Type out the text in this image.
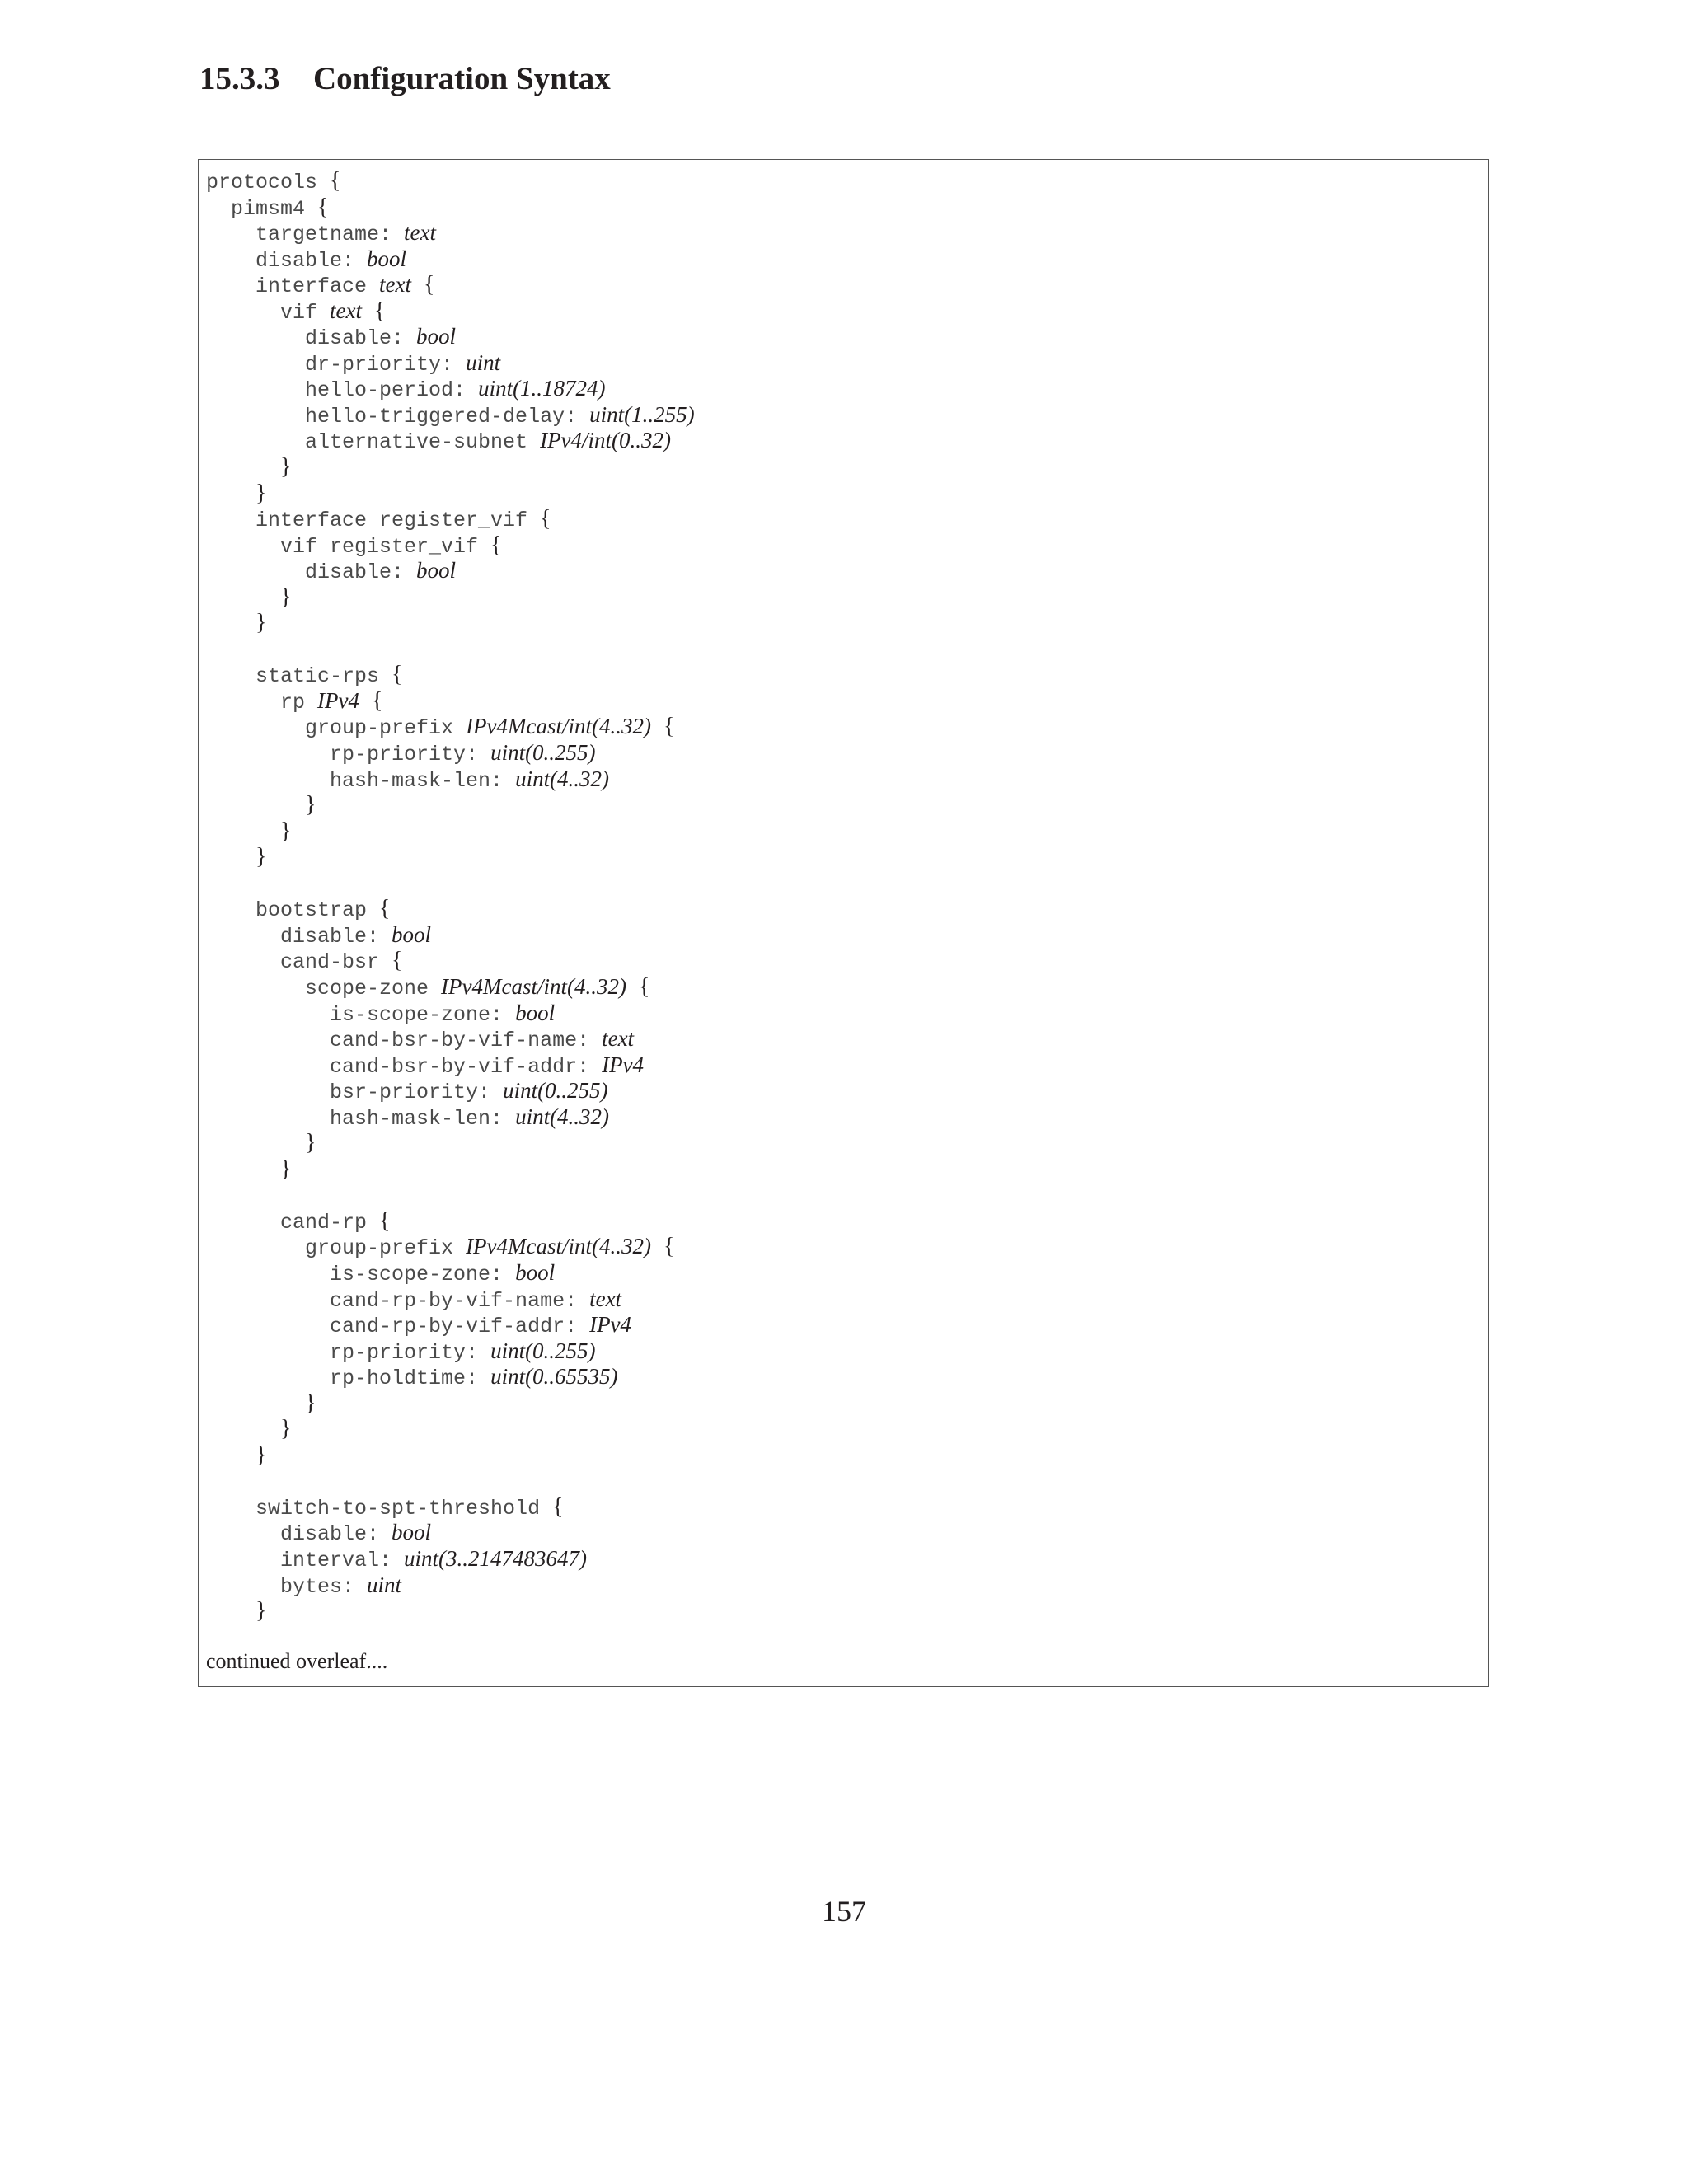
15.3.3 Configuration Syntax
protocols {
pimsm4 {
targetname: text
disable: bool
interface text {
vif text {
disable: bool
dr-priority: uint
hello-period: uint(1..18724)
hello-triggered-delay: uint(1..255)
alternative-subnet IPv4/int(0..32)
}
}
interface register_vif {
vif register_vif {
disable: bool
}
}
static-rps {
rp IPv4 {
group-prefix IPv4Mcast/int(4..32) {
rp-priority: uint(0..255)
hash-mask-len: uint(4..32)
}
}
}
bootstrap {
disable: bool
cand-bsr {
scope-zone IPv4Mcast/int(4..32) {
is-scope-zone: bool
cand-bsr-by-vif-name: text
cand-bsr-by-vif-addr: IPv4
bsr-priority: uint(0..255)
hash-mask-len: uint(4..32)
}
}
cand-rp {
group-prefix IPv4Mcast/int(4..32) {
is-scope-zone: bool
cand-rp-by-vif-name: text
cand-rp-by-vif-addr: IPv4
rp-priority: uint(0..255)
rp-holdtime: uint(0..65535)
}
}
}
switch-to-spt-threshold {
disable: bool
interval: uint(3..2147483647)
bytes: uint
}
continued overleaf....
157
